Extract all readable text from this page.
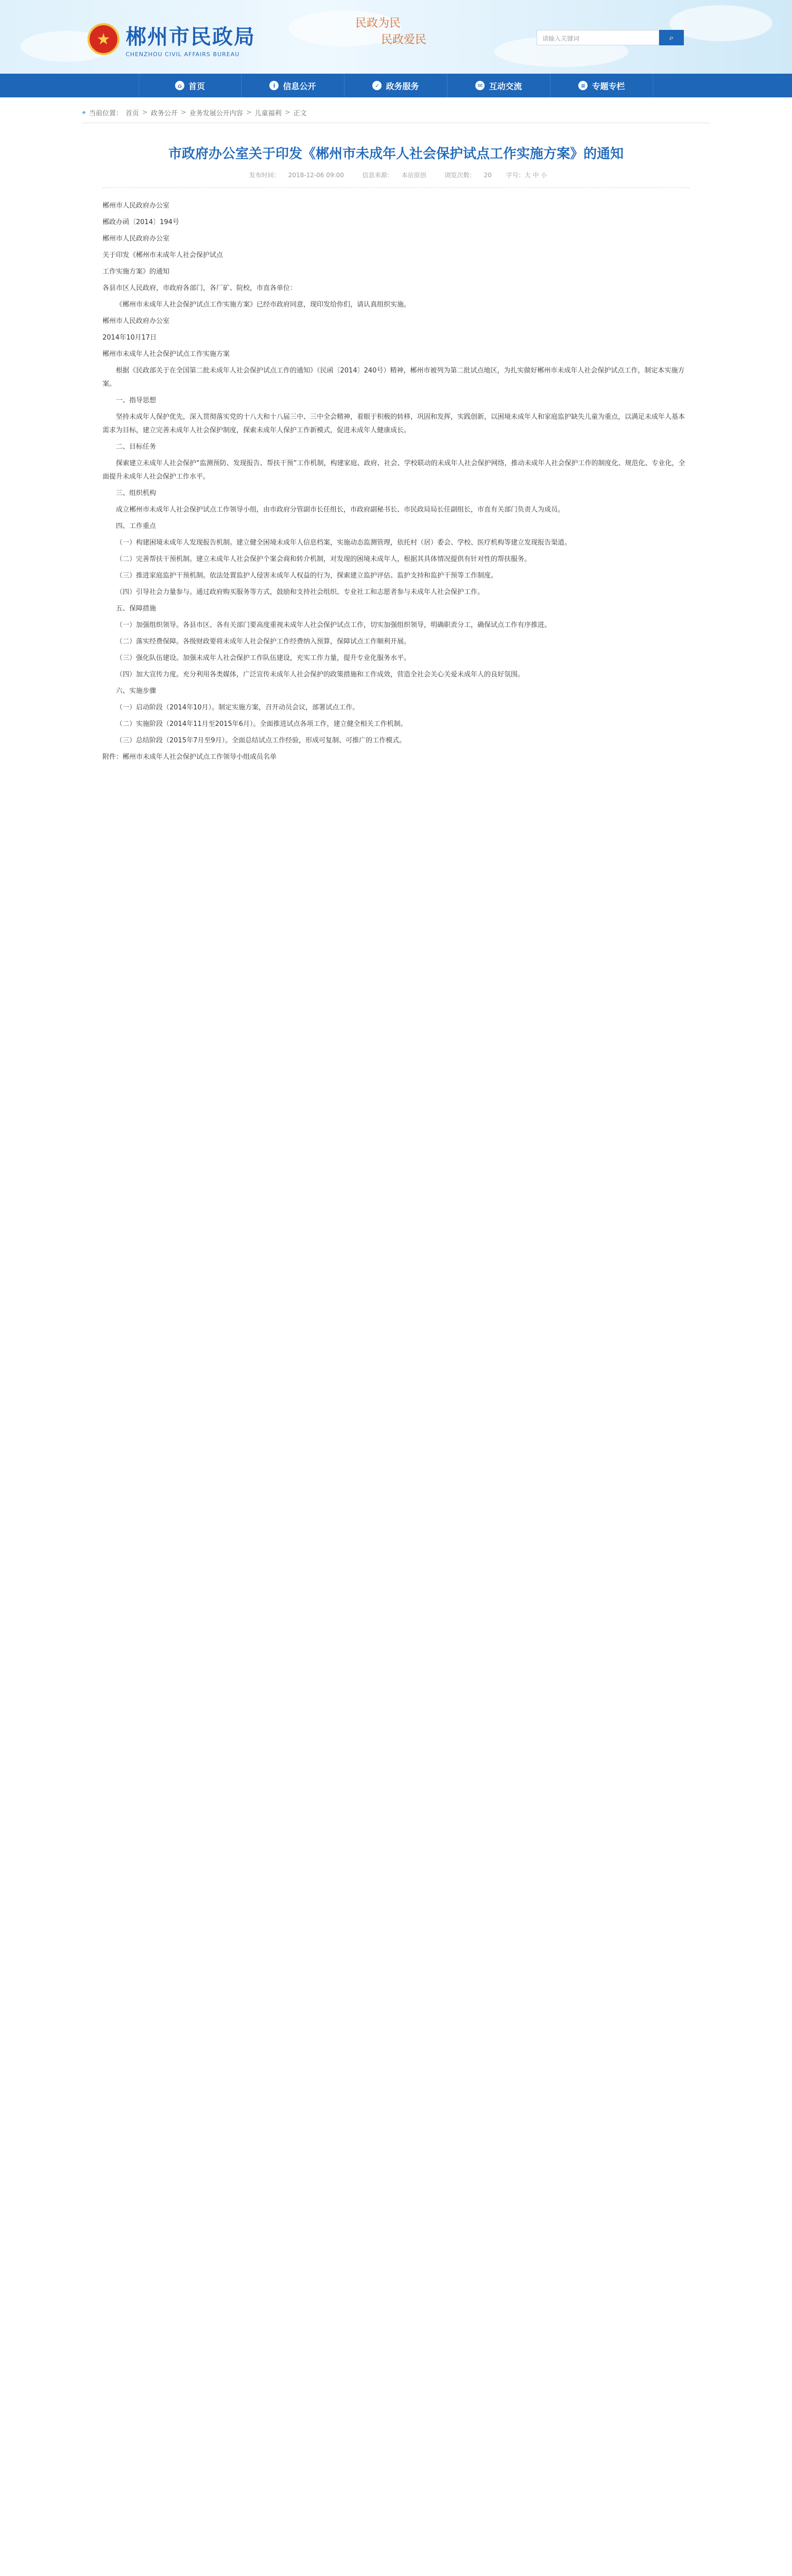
★ 郴州市民政局
CHENZHOU CIVIL AFFAIRS BUREAU
民政为民
民政爱民	请输入关键词	⌕
⌂ 首页	i 信息公开	✓ 政务服务	✉ 互动交流	≡ 专题专栏
⌖ 当前位置： 首页 > 政务公开 > 业务发展公开内容 > 儿童福利 > 正文
市政府办公室关于印发《郴州市未成年人社会保护试点工作实施方案》的通知
发布时间： 2018-12-06 09:00	信息来源： 本站原创	浏览次数： 20 字号：大 中 小

郴州市人民政府办公室

郴政办函〔2014〕194号

郴州市人民政府办公室

关于印发《郴州市未成年人社会保护试点

工作实施方案》的通知

各县市区人民政府，市政府各部门，各厂矿、院校，市直各单位：

《郴州市未成年人社会保护试点工作实施方案》已经市政府同意，现印发给你们，请认真组织实施。

郴州市人民政府办公室

2014年10月17日

郴州市未成年人社会保护试点工作实施方案

根据《民政部关于在全国第二批未成年人社会保护试点工作的通知》（民函〔2014〕240号）精神，郴州市被列为第二批试点地区，为扎实做好郴州市未成年人社会保护试点工作，制定本实施方案。

一、指导思想

坚持未成年人保护优先，深入贯彻落实党的十八大和十八届三中、三中全会精神，着眼于积极的转移，巩固和发挥，实践创新，以困境未成年人和家庭监护缺失儿童为重点，以满足未成年人基本需求为目标，建立完善未成年人社会保护制度，探索未成年人保护工作新模式，促进未成年人健康成长。

二、目标任务

探索建立未成年人社会保护“监测预防、发现报告、帮扶干预”工作机制，构建家庭、政府、社会、学校联动的未成年人社会保护网络，推动未成年人社会保护工作的制度化、规范化、专业化，全面提升未成年人社会保护工作水平。

三、组织机构

成立郴州市未成年人社会保护试点工作领导小组，由市政府分管副市长任组长，市政府副秘书长、市民政局局长任副组长，市直有关部门负责人为成员。

四、工作重点

（一）构建困境未成年人发现报告机制。建立健全困境未成年人信息档案，实施动态监测管理，依托村（居）委会、学校、医疗机构等建立发现报告渠道。

（二）完善帮扶干预机制。建立未成年人社会保护个案会商和转介机制，对发现的困境未成年人，根据其具体情况提供有针对性的帮扶服务。

（三）推进家庭监护干预机制。依法处置监护人侵害未成年人权益的行为，探索建立监护评估、监护支持和监护干预等工作制度。

（四）引导社会力量参与。通过政府购买服务等方式，鼓励和支持社会组织、专业社工和志愿者参与未成年人社会保护工作。

五、保障措施

（一）加强组织领导。各县市区、各有关部门要高度重视未成年人社会保护试点工作，切实加强组织领导，明确职责分工，确保试点工作有序推进。

（二）落实经费保障。各级财政要将未成年人社会保护工作经费纳入预算，保障试点工作顺利开展。

（三）强化队伍建设。加强未成年人社会保护工作队伍建设，充实工作力量，提升专业化服务水平。

（四）加大宣传力度。充分利用各类媒体，广泛宣传未成年人社会保护的政策措施和工作成效，营造全社会关心关爱未成年人的良好氛围。

六、实施步骤

（一）启动阶段（2014年10月）。制定实施方案，召开动员会议，部署试点工作。

（二）实施阶段（2014年11月至2015年6月）。全面推进试点各项工作，建立健全相关工作机制。

（三）总结阶段（2015年7月至9月）。全面总结试点工作经验，形成可复制、可推广的工作模式。

附件：郴州市未成年人社会保护试点工作领导小组成员名单
